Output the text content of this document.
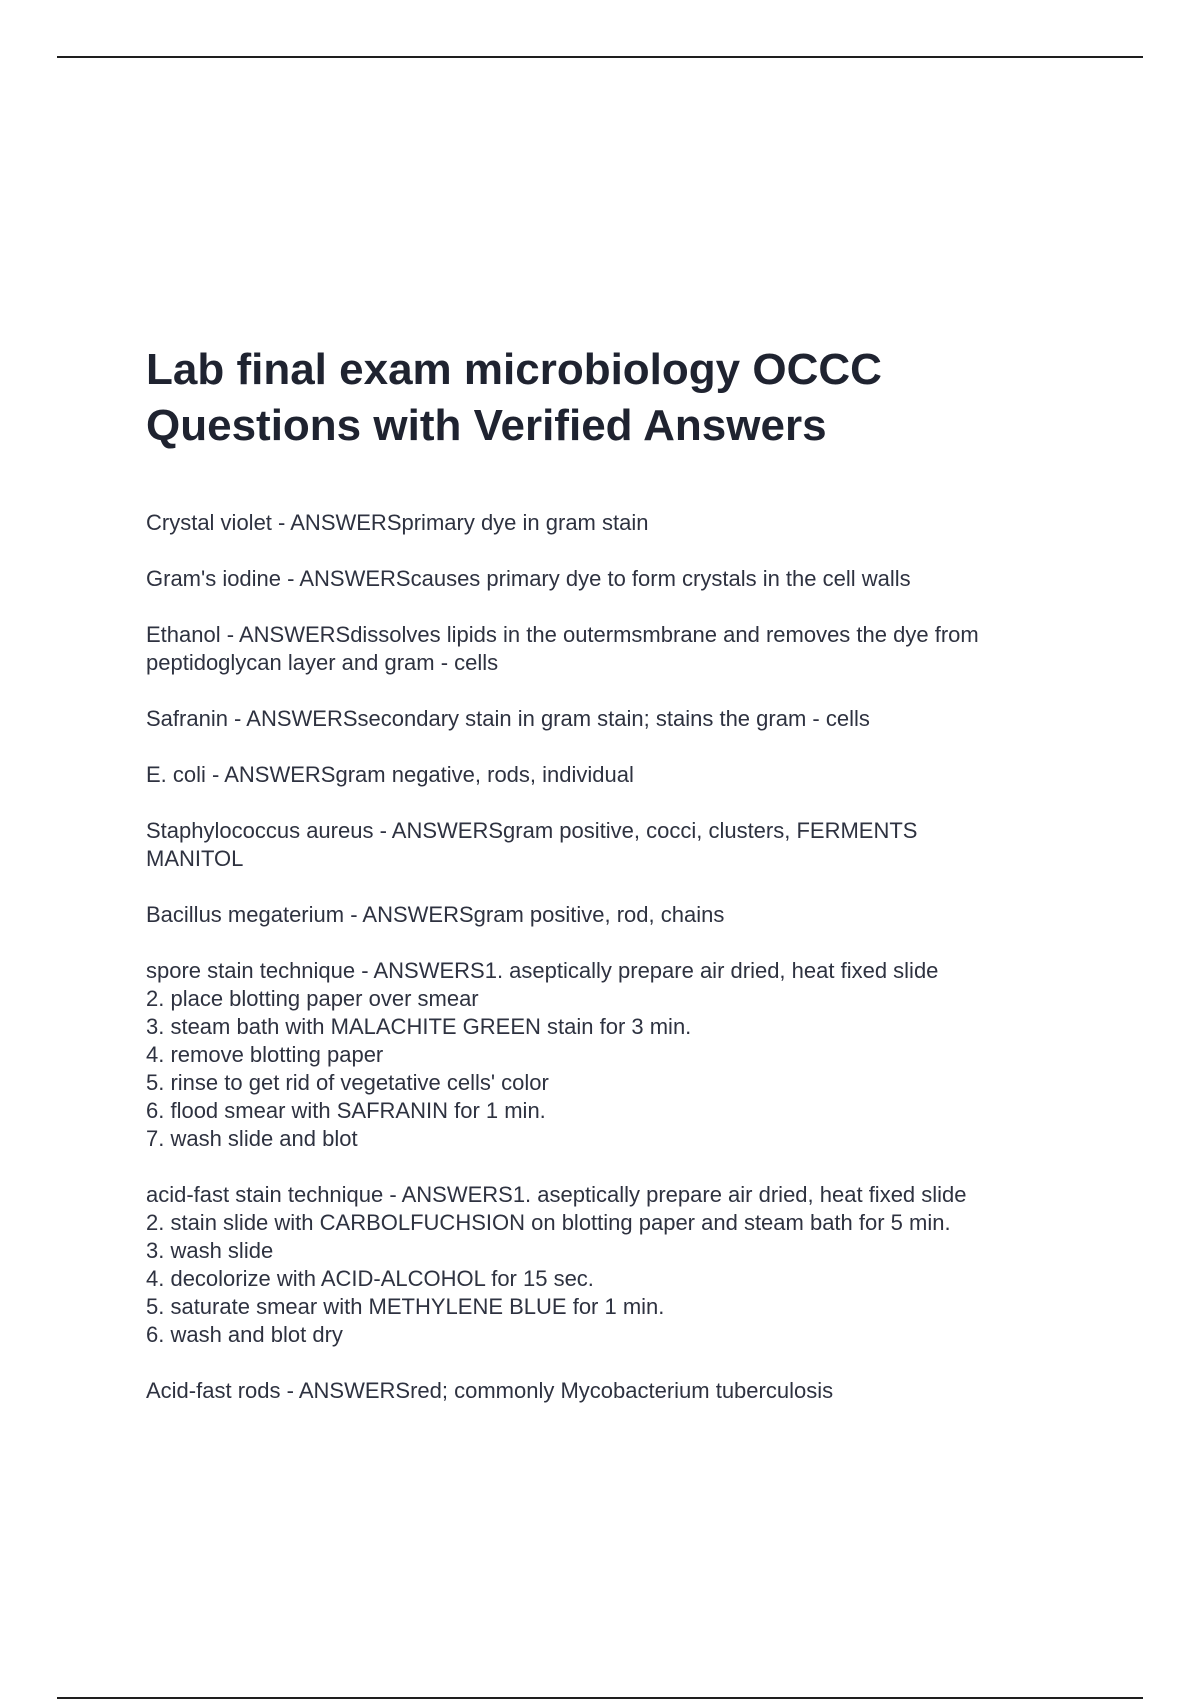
Lab final exam microbiology OCCC
Questions with Verified Answers

Crystal violet - ANSWERSprimary dye in gram stain

Gram's iodine - ANSWERScauses primary dye to form crystals in the cell walls

Ethanol - ANSWERSdissolves lipids in the outermsmbrane and removes the dye from
peptidoglycan layer and gram - cells

Safranin - ANSWERSsecondary stain in gram stain; stains the gram - cells

E. coli - ANSWERSgram negative, rods, individual

Staphylococcus aureus - ANSWERSgram positive, cocci, clusters, FERMENTS
MANITOL

Bacillus megaterium - ANSWERSgram positive, rod, chains

spore stain technique - ANSWERS1. aseptically prepare air dried, heat fixed slide
2. place blotting paper over smear
3. steam bath with MALACHITE GREEN stain for 3 min.
4. remove blotting paper
5. rinse to get rid of vegetative cells' color
6. flood smear with SAFRANIN for 1 min.
7. wash slide and blot

acid-fast stain technique - ANSWERS1. aseptically prepare air dried, heat fixed slide
2. stain slide with CARBOLFUCHSION on blotting paper and steam bath for 5 min.
3. wash slide
4. decolorize with ACID-ALCOHOL for 15 sec.
5. saturate smear with METHYLENE BLUE for 1 min.
6. wash and blot dry

Acid-fast rods - ANSWERSred; commonly Mycobacterium tuberculosis
